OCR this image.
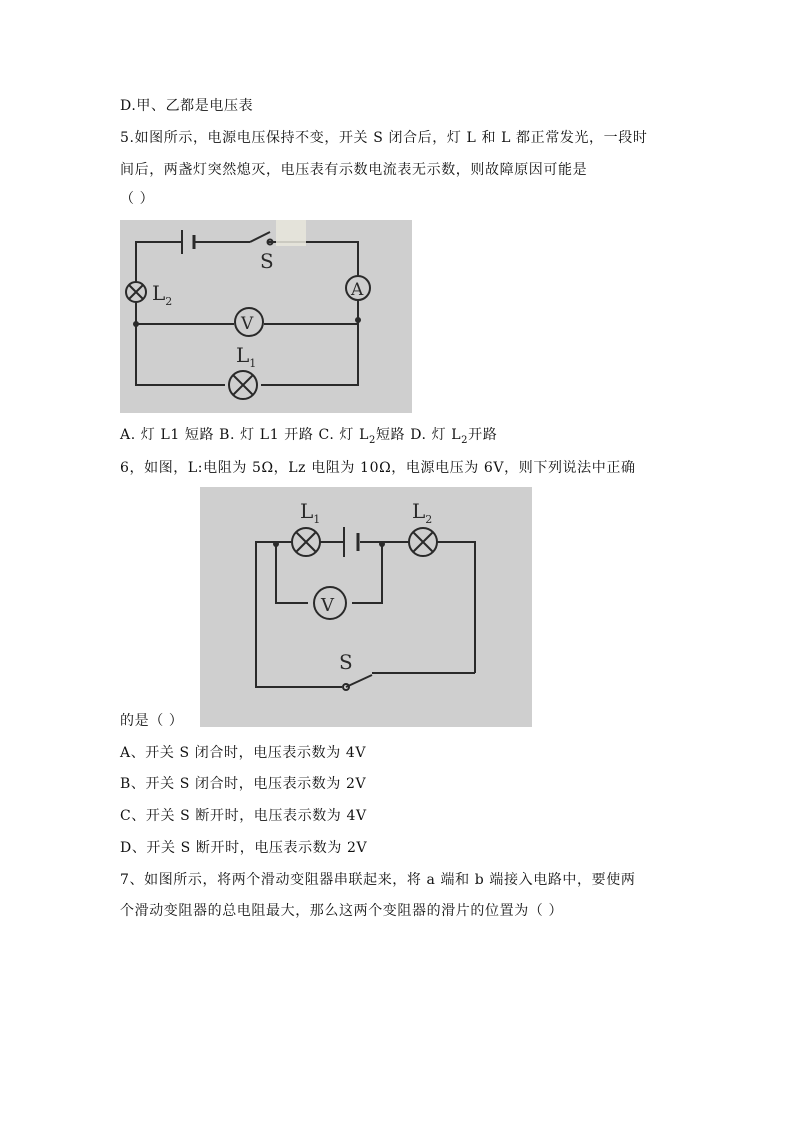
D.甲、乙都是电压表
5.如图所示，电源电压保持不变，开关 S 闭合后，灯 L 和 L 都正常发光，一段时
间后，两盏灯突然熄灭，电压表有示数电流表无示数，则故障原因可能是
（ ）
S
$L_2$
A
V
$L_1$
A. 灯 L1 短路 B. 灯 L1 开路 C. 灯 $L_2$短路 D. 灯 $L_2$开路
6，如图，L:电阻为 5Ω，Lz 电阻为 10Ω，电源电压为 6V，则下列说法中正确
$L_1$	$L_2$
V
S
的是（ ）
A、开关 S 闭合时，电压表示数为 4V
B、开关 S 闭合时，电压表示数为 2V
C、开关 S 断开时，电压表示数为 4V
D、开关 S 断开时，电压表示数为 2V
7、如图所示，将两个滑动变阻器串联起来，将 a 端和 b 端接入电路中，要使两
个滑动变阻器的总电阻最大，那么这两个变阻器的滑片的位置为（ ）
